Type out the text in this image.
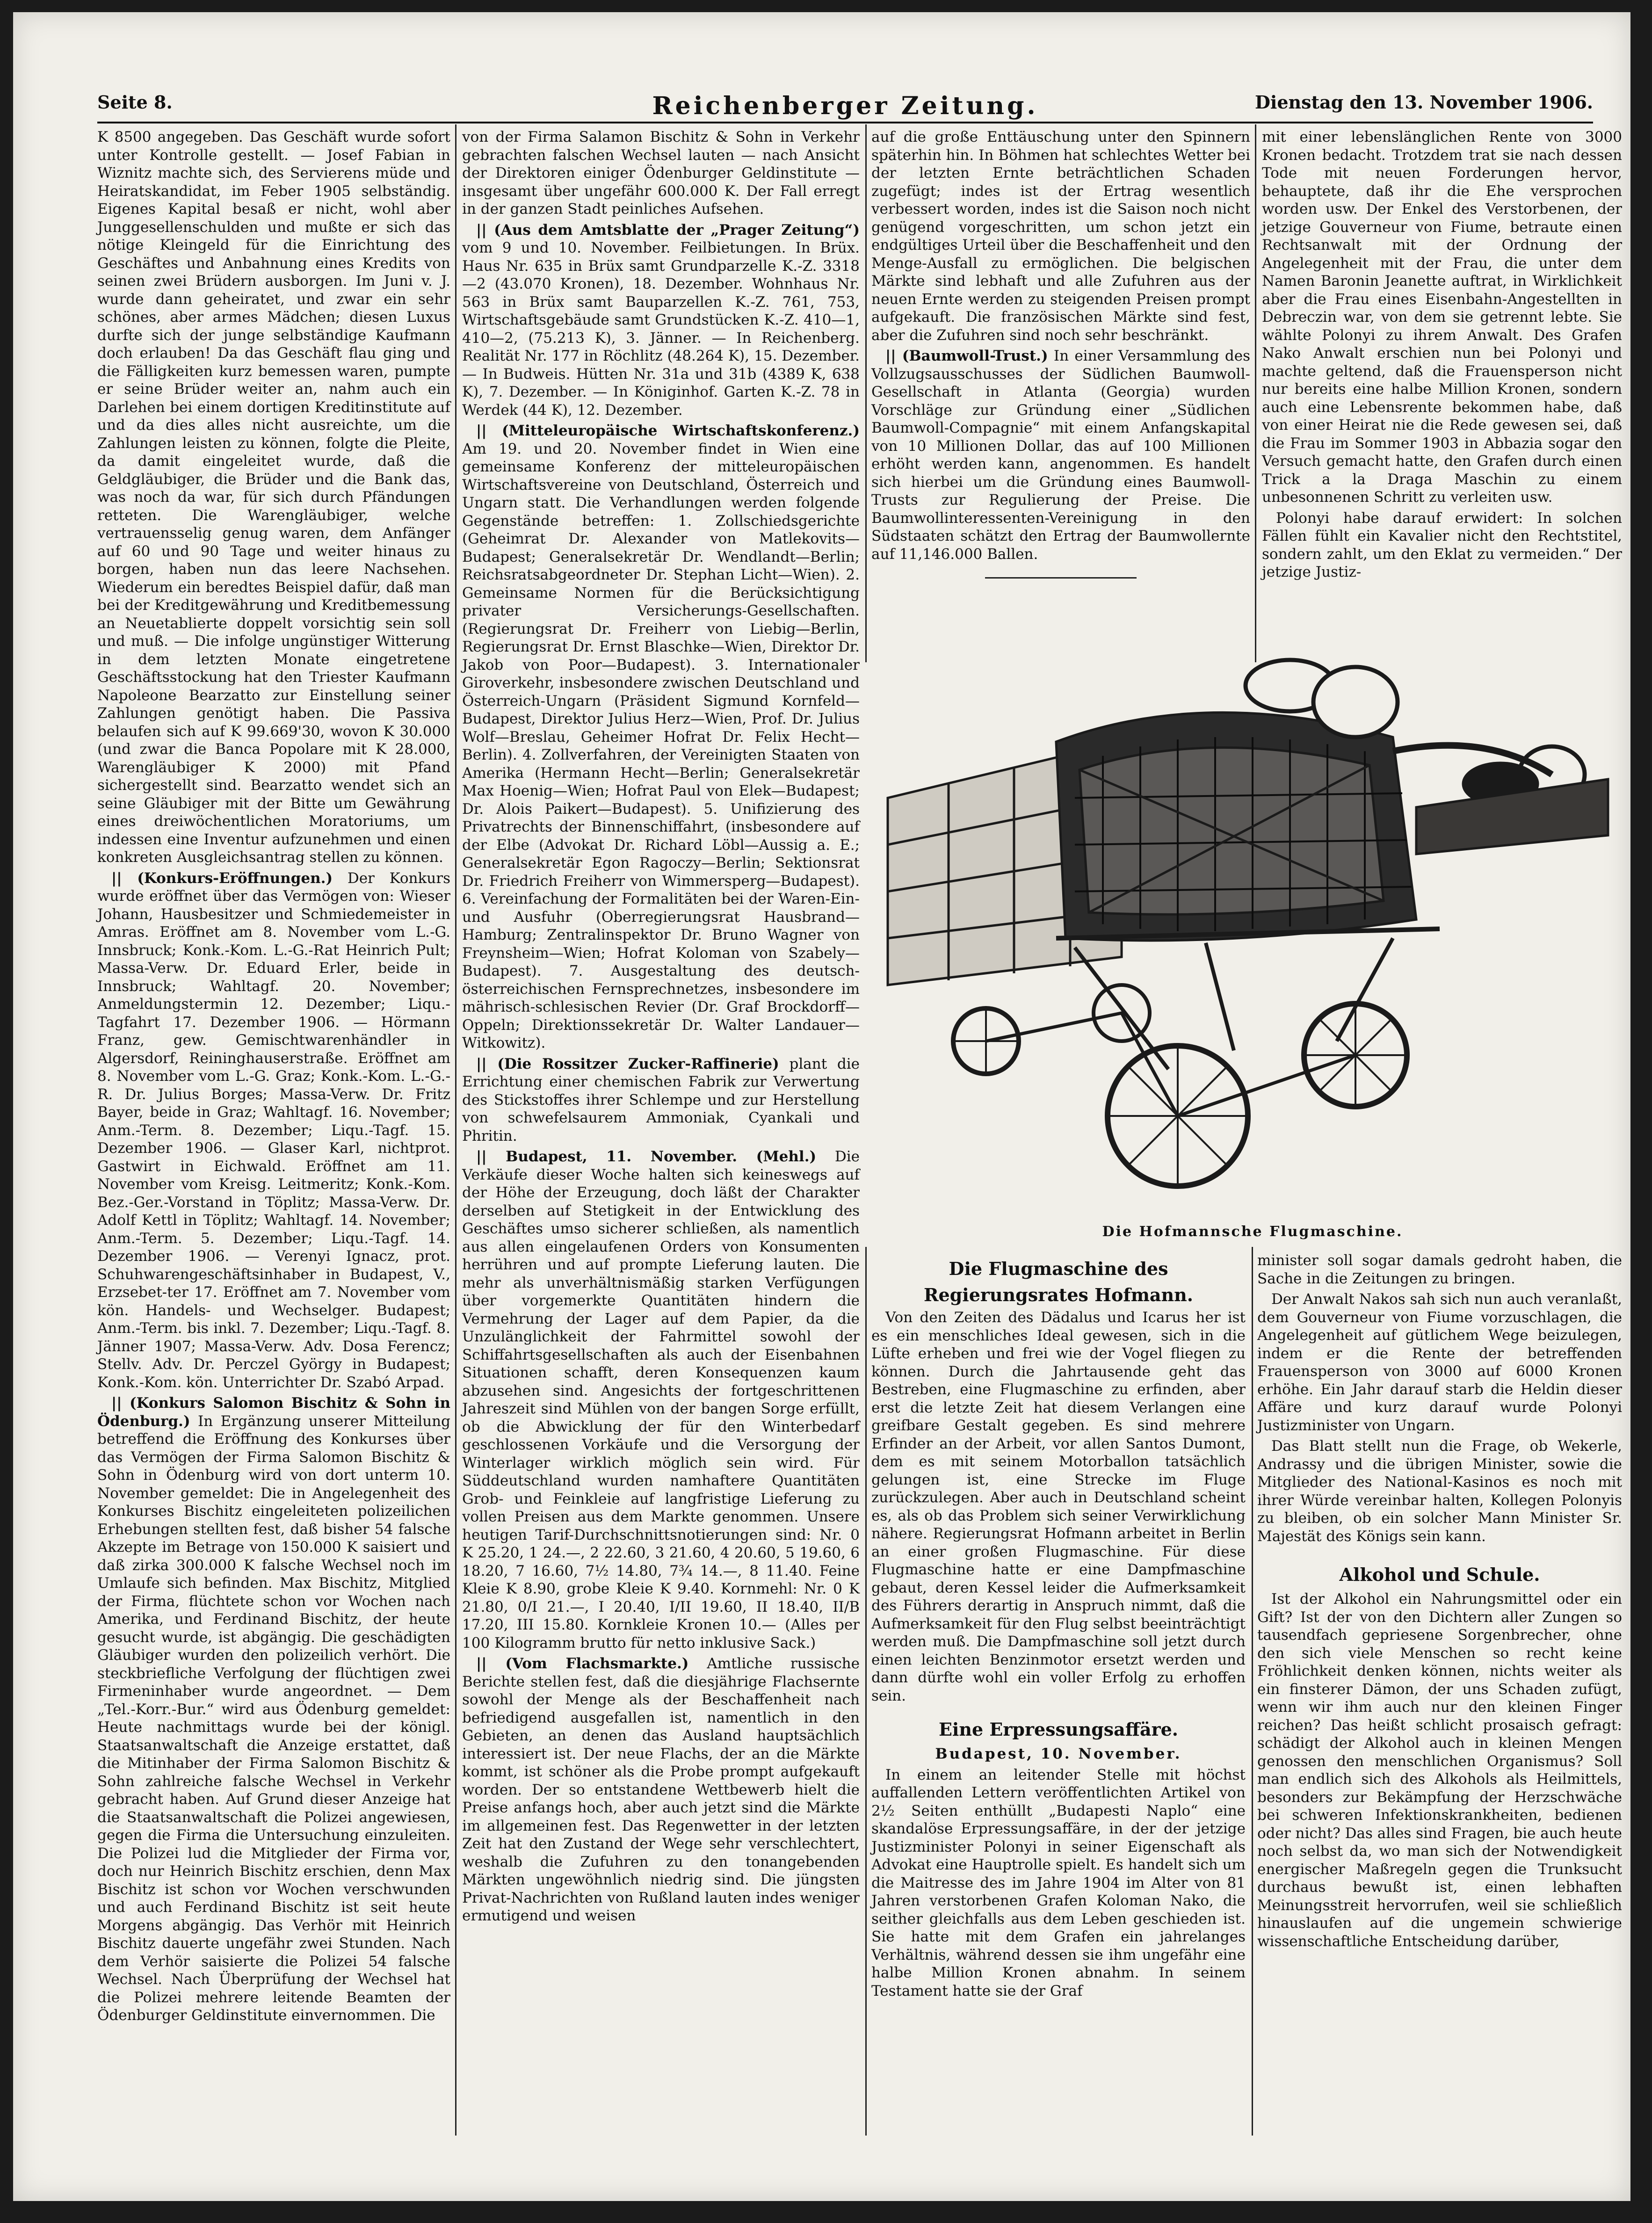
Seite 8.	Reichenberger Zeitung.	Dienstag den 13. November 1906.

K 8500 angegeben. Das Geschäft wurde sofort unter Kontrolle gestellt. — Josef Fabian in Wiznitz machte sich, des Servierens müde und Heiratskandidat, im Feber 1905 selbständig. Eigenes Kapital besaß er nicht, wohl aber Junggesellenschulden und mußte er sich das nötige Kleingeld für die Einrichtung des Geschäftes und Anbahnung eines Kredits von seinen zwei Brüdern ausborgen. Im Juni v. J. wurde dann geheiratet, und zwar ein sehr schönes, aber armes Mädchen; diesen Luxus durfte sich der junge selbständige Kaufmann doch erlauben! Da das Geschäft flau ging und die Fälligkeiten kurz bemessen waren, pumpte er seine Brüder weiter an, nahm auch ein Darlehen bei einem dortigen Kreditinstitute auf und da dies alles nicht ausreichte, um die Zahlungen leisten zu können, folgte die Pleite, da damit eingeleitet wurde, daß die Geldgläubiger, die Brüder und die Bank das, was noch da war, für sich durch Pfändungen retteten. Die Warengläubiger, welche vertrauensselig genug waren, dem Anfänger auf 60 und 90 Tage und weiter hinaus zu borgen, haben nun das leere Nachsehen. Wiederum ein beredtes Beispiel dafür, daß man bei der Kreditgewährung und Kreditbemessung an Neuetablierte doppelt vorsichtig sein soll und muß. — Die infolge ungünstiger Witterung in dem letzten Monate eingetretene Geschäftsstockung hat den Triester Kaufmann Napoleone Bearzatto zur Einstellung seiner Zahlungen genötigt haben. Die Passiva belaufen sich auf K 99.669'30, wovon K 30.000 (und zwar die Banca Popolare mit K 28.000, Warengläubiger K 2000) mit Pfand sichergestellt sind. Bearzatto wendet sich an seine Gläubiger mit der Bitte um Gewährung eines dreiwöchentlichen Moratoriums, um indessen eine Inventur aufzunehmen und einen konkreten Ausgleichsantrag stellen zu können.

|| (Konkurs-Eröffnungen.) Der Konkurs wurde eröffnet über das Vermögen von: Wieser Johann, Hausbesitzer und Schmiedemeister in Amras. Eröffnet am 8. November vom L.-G. Innsbruck; Konk.-Kom. L.-G.-Rat Heinrich Pult; Massa-Verw. Dr. Eduard Erler, beide in Innsbruck; Wahltagf. 20. November; Anmeldungstermin 12. Dezember; Liqu.-Tagfahrt 17. Dezember 1906. — Hörmann Franz, gew. Gemischtwarenhändler in Algersdorf, Reininghauserstraße. Eröffnet am 8. November vom L.-G. Graz; Konk.-Kom. L.-G.-R. Dr. Julius Borges; Massa-Verw. Dr. Fritz Bayer, beide in Graz; Wahltagf. 16. November; Anm.-Term. 8. Dezember; Liqu.-Tagf. 15. Dezember 1906. — Glaser Karl, nichtprot. Gastwirt in Eichwald. Eröffnet am 11. November vom Kreisg. Leitmeritz; Konk.-Kom. Bez.-Ger.-Vorstand in Töplitz; Massa-Verw. Dr. Adolf Kettl in Töplitz; Wahltagf. 14. November; Anm.-Term. 5. Dezember; Liqu.-Tagf. 14. Dezember 1906. — Verenyi Ignacz, prot. Schuhwarengeschäftsinhaber in Budapest, V., Erzsebet-ter 17. Eröffnet am 7. November vom kön. Handels- und Wechselger. Budapest; Anm.-Term. bis inkl. 7. Dezember; Liqu.-Tagf. 8. Jänner 1907; Massa-Verw. Adv. Dosa Ferencz; Stellv. Adv. Dr. Perczel György in Budapest; Konk.-Kom. kön. Unterrichter Dr. Szabó Arpad.

|| (Konkurs Salomon Bischitz & Sohn in Ödenburg.) In Ergänzung unserer Mitteilung betreffend die Eröffnung des Konkurses über das Vermögen der Firma Salomon Bischitz & Sohn in Ödenburg wird von dort unterm 10. November gemeldet: Die in Angelegenheit des Konkurses Bischitz eingeleiteten polizeilichen Erhebungen stellten fest, daß bisher 54 falsche Akzepte im Betrage von 150.000 K saisiert und daß zirka 300.000 K falsche Wechsel noch im Umlaufe sich befinden. Max Bischitz, Mitglied der Firma, flüchtete schon vor Wochen nach Amerika, und Ferdinand Bischitz, der heute gesucht wurde, ist abgängig. Die geschädigten Gläubiger wurden den polizeilich verhört. Die steckbriefliche Verfolgung der flüchtigen zwei Firmeninhaber wurde angeordnet. — Dem „Tel.-Korr.-Bur.“ wird aus Ödenburg gemeldet: Heute nachmittags wurde bei der königl. Staatsanwaltschaft die Anzeige erstattet, daß die Mitinhaber der Firma Salomon Bischitz & Sohn zahlreiche falsche Wechsel in Verkehr gebracht haben. Auf Grund dieser Anzeige hat die Staatsanwaltschaft die Polizei angewiesen, gegen die Firma die Untersuchung einzuleiten. Die Polizei lud die Mitglieder der Firma vor, doch nur Heinrich Bischitz erschien, denn Max Bischitz ist schon vor Wochen verschwunden und auch Ferdinand Bischitz ist seit heute Morgens abgängig. Das Verhör mit Heinrich Bischitz dauerte ungefähr zwei Stunden. Nach dem Verhör saisierte die Polizei 54 falsche Wechsel. Nach Überprüfung der Wechsel hat die Polizei mehrere leitende Beamten der Ödenburger Geldinstitute einvernommen. Die

von der Firma Salamon Bischitz & Sohn in Verkehr gebrachten falschen Wechsel lauten — nach Ansicht der Direktoren einiger Ödenburger Geldinstitute — insgesamt über ungefähr 600.000 K. Der Fall erregt in der ganzen Stadt peinliches Aufsehen.

|| (Aus dem Amtsblatte der „Prager Zeitung“) vom 9 und 10. November. Feilbietungen. In Brüx. Haus Nr. 635 in Brüx samt Grundparzelle K.-Z. 3318—2 (43.070 Kronen), 18. Dezember. Wohnhaus Nr. 563 in Brüx samt Bauparzellen K.-Z. 761, 753, Wirtschaftsgebäude samt Grundstücken K.-Z. 410—1, 410—2, (75.213 K), 3. Jänner. — In Reichenberg. Realität Nr. 177 in Röchlitz (48.264 K), 15. Dezember. — In Budweis. Hütten Nr. 31a und 31b (4389 K, 638 K), 7. Dezember. — In Königinhof. Garten K.-Z. 78 in Werdek (44 K), 12. Dezember.

|| (Mitteleuropäische Wirtschaftskonferenz.) Am 19. und 20. November findet in Wien eine gemeinsame Konferenz der mitteleuropäischen Wirtschaftsvereine von Deutschland, Österreich und Ungarn statt. Die Verhandlungen werden folgende Gegenstände betreffen: 1. Zollschiedsgerichte (Geheimrat Dr. Alexander von Matlekovits—Budapest; Generalsekretär Dr. Wendlandt—Berlin; Reichsratsabgeordneter Dr. Stephan Licht—Wien). 2. Gemeinsame Normen für die Berücksichtigung privater Versicherungs-Gesellschaften. (Regierungsrat Dr. Freiherr von Liebig—Berlin, Regierungsrat Dr. Ernst Blaschke—Wien, Direktor Dr. Jakob von Poor—Budapest). 3. Internationaler Giroverkehr, insbesondere zwischen Deutschland und Österreich-Ungarn (Präsident Sigmund Kornfeld—Budapest, Direktor Julius Herz—Wien, Prof. Dr. Julius Wolf—Breslau, Geheimer Hofrat Dr. Felix Hecht—Berlin). 4. Zollverfahren, der Vereinigten Staaten von Amerika (Hermann Hecht—Berlin; Generalsekretär Max Hoenig—Wien; Hofrat Paul von Elek—Budapest; Dr. Alois Paikert—Budapest). 5. Unifizierung des Privatrechts der Binnenschiffahrt, (insbesondere auf der Elbe (Advokat Dr. Richard Löbl—Aussig a. E.; Generalsekretär Egon Ragoczy—Berlin; Sektionsrat Dr. Friedrich Freiherr von Wimmersperg—Budapest). 6. Vereinfachung der Formalitäten bei der Waren-Ein- und Ausfuhr (Oberregierungsrat Hausbrand—Hamburg; Zentralinspektor Dr. Bruno Wagner von Freynsheim—Wien; Hofrat Koloman von Szabely—Budapest). 7. Ausgestaltung des deutsch-österreichischen Fernsprechnetzes, insbesondere im mährisch-schlesischen Revier (Dr. Graf Brockdorff—Oppeln; Direktionssekretär Dr. Walter Landauer—Witkowitz).

|| (Die Rossitzer Zucker-Raffinerie) plant die Errichtung einer chemischen Fabrik zur Verwertung des Stickstoffes ihrer Schlempe und zur Herstellung von schwefelsaurem Ammoniak, Cyankali und Phritin.

|| Budapest, 11. November. (Mehl.) Die Verkäufe dieser Woche halten sich keineswegs auf der Höhe der Erzeugung, doch läßt der Charakter derselben auf Stetigkeit in der Entwicklung des Geschäftes umso sicherer schließen, als namentlich aus allen eingelaufenen Orders von Konsumenten herrühren und auf prompte Lieferung lauten. Die mehr als unverhältnismäßig starken Verfügungen über vorgemerkte Quantitäten hindern die Vermehrung der Lager auf dem Papier, da die Unzulänglichkeit der Fahrmittel sowohl der Schiffahrtsgesellschaften als auch der Eisenbahnen Situationen schafft, deren Konsequenzen kaum abzusehen sind. Angesichts der fortgeschrittenen Jahreszeit sind Mühlen von der bangen Sorge erfüllt, ob die Abwicklung der für den Winterbedarf geschlossenen Vorkäufe und die Versorgung der Winterlager wirklich möglich sein wird. Für Süddeutschland wurden namhaftere Quantitäten Grob- und Feinkleie auf langfristige Lieferung zu vollen Preisen aus dem Markte genommen. Unsere heutigen Tarif-Durchschnittsnotierungen sind: Nr. 0 K 25.20, 1 24.—, 2 22.60, 3 21.60, 4 20.60, 5 19.60, 6 18.20, 7 16.60, 7½ 14.80, 7¾ 14.—, 8 11.40. Feine Kleie K 8.90, grobe Kleie K 9.40. Kornmehl: Nr. 0 K 21.80, 0/I 21.—, I 20.40, I/II 19.60, II 18.40, II/B 17.20, III 15.80. Kornkleie Kronen 10.— (Alles per 100 Kilogramm brutto für netto inklusive Sack.)

|| (Vom Flachsmarkte.) Amtliche russische Berichte stellen fest, daß die diesjährige Flachsernte sowohl der Menge als der Beschaffenheit nach befriedigend ausgefallen ist, namentlich in den Gebieten, an denen das Ausland hauptsächlich interessiert ist. Der neue Flachs, der an die Märkte kommt, ist schöner als die Probe prompt aufgekauft worden. Der so entstandene Wettbewerb hielt die Preise anfangs hoch, aber auch jetzt sind die Märkte im allgemeinen fest. Das Regenwetter in der letzten Zeit hat den Zustand der Wege sehr verschlechtert, weshalb die Zufuhren zu den tonangebenden Märkten ungewöhnlich niedrig sind. Die jüngsten Privat-Nachrichten von Rußland lauten indes weniger ermutigend und weisen

auf die große Enttäuschung unter den Spinnern späterhin hin. In Böhmen hat schlechtes Wetter bei der letzten Ernte beträchtlichen Schaden zugefügt; indes ist der Ertrag wesentlich verbessert worden, indes ist die Saison noch nicht genügend vorgeschritten, um schon jetzt ein endgültiges Urteil über die Beschaffenheit und den Menge-Ausfall zu ermöglichen. Die belgischen Märkte sind lebhaft und alle Zufuhren aus der neuen Ernte werden zu steigenden Preisen prompt aufgekauft. Die französischen Märkte sind fest, aber die Zufuhren sind noch sehr beschränkt.

|| (Baumwoll-Trust.) In einer Versammlung des Vollzugsausschusses der Südlichen Baumwoll-Gesellschaft in Atlanta (Georgia) wurden Vorschläge zur Gründung einer „Südlichen Baumwoll-Compagnie“ mit einem Anfangskapital von 10 Millionen Dollar, das auf 100 Millionen erhöht werden kann, angenommen. Es handelt sich hierbei um die Gründung eines Baumwoll-Trusts zur Regulierung der Preise. Die Baumwollinteressenten-Vereinigung in den Südstaaten schätzt den Ertrag der Baumwollernte auf 11,146.000 Ballen.

mit einer lebenslänglichen Rente von 3000 Kronen bedacht. Trotzdem trat sie nach dessen Tode mit neuen Forderungen hervor, behauptete, daß ihr die Ehe versprochen worden usw. Der Enkel des Verstorbenen, der jetzige Gouverneur von Fiume, betraute einen Rechtsanwalt mit der Ordnung der Angelegenheit mit der Frau, die unter dem Namen Baronin Jeanette auftrat, in Wirklichkeit aber die Frau eines Eisenbahn-Angestellten in Debreczin war, von dem sie getrennt lebte. Sie wählte Polonyi zu ihrem Anwalt. Des Grafen Nako Anwalt erschien nun bei Polonyi und machte geltend, daß die Frauensperson nicht nur bereits eine halbe Million Kronen, sondern auch eine Lebensrente bekommen habe, daß von einer Heirat nie die Rede gewesen sei, daß die Frau im Sommer 1903 in Abbazia sogar den Versuch gemacht hatte, den Grafen durch einen Trick a la Draga Maschin zu einem unbesonnenen Schritt zu verleiten usw.

Polonyi habe darauf erwidert: In solchen Fällen fühlt ein Kavalier nicht den Rechtstitel, sondern zahlt, um den Eklat zu vermeiden.“ Der jetzige Justiz-

Die Hofmannsche Flugmaschine.
Die Flugmaschine des
Regierungsrates Hofmann.

Von den Zeiten des Dädalus und Icarus her ist es ein menschliches Ideal gewesen, sich in die Lüfte erheben und frei wie der Vogel fliegen zu können. Durch die Jahrtausende geht das Bestreben, eine Flugmaschine zu erfinden, aber erst die letzte Zeit hat diesem Verlangen eine greifbare Gestalt gegeben. Es sind mehrere Erfinder an der Arbeit, vor allen Santos Dumont, dem es mit seinem Motorballon tatsächlich gelungen ist, eine Strecke im Fluge zurückzulegen. Aber auch in Deutschland scheint es, als ob das Problem sich seiner Verwirklichung nähere. Regierungsrat Hofmann arbeitet in Berlin an einer großen Flugmaschine. Für diese Flugmaschine hatte er eine Dampfmaschine gebaut, deren Kessel leider die Aufmerksamkeit des Führers derartig in Anspruch nimmt, daß die Aufmerksamkeit für den Flug selbst beeinträchtigt werden muß. Die Dampfmaschine soll jetzt durch einen leichten Benzinmotor ersetzt werden und dann dürfte wohl ein voller Erfolg zu erhoffen sein.

Eine Erpressungsaffäre.
Budapest, 10. November.

In einem an leitender Stelle mit höchst auffallenden Lettern veröffentlichten Artikel von 2½ Seiten enthüllt „Budapesti Naplo“ eine skandalöse Erpressungsaffäre, in der der jetzige Justizminister Polonyi in seiner Eigenschaft als Advokat eine Hauptrolle spielt. Es handelt sich um die Maitresse des im Jahre 1904 im Alter von 81 Jahren verstorbenen Grafen Koloman Nako, die seither gleichfalls aus dem Leben geschieden ist. Sie hatte mit dem Grafen ein jahrelanges Verhältnis, während dessen sie ihm ungefähr eine halbe Million Kronen abnahm. In seinem Testament hatte sie der Graf

minister soll sogar damals gedroht haben, die Sache in die Zeitungen zu bringen.

Der Anwalt Nakos sah sich nun auch veranlaßt, dem Gouverneur von Fiume vorzuschlagen, die Angelegenheit auf gütlichem Wege beizulegen, indem er die Rente der betreffenden Frauensperson von 3000 auf 6000 Kronen erhöhe. Ein Jahr darauf starb die Heldin dieser Affäre und kurz darauf wurde Polonyi Justizminister von Ungarn.

Das Blatt stellt nun die Frage, ob Wekerle, Andrassy und die übrigen Minister, sowie die Mitglieder des National-Kasinos es noch mit ihrer Würde vereinbar halten, Kollegen Polonyis zu bleiben, ob ein solcher Mann Minister Sr. Majestät des Königs sein kann.

Alkohol und Schule.

Ist der Alkohol ein Nahrungsmittel oder ein Gift? Ist der von den Dichtern aller Zungen so tausendfach gepriesene Sorgenbrecher, ohne den sich viele Menschen so recht keine Fröhlichkeit denken können, nichts weiter als ein finsterer Dämon, der uns Schaden zufügt, wenn wir ihm auch nur den kleinen Finger reichen? Das heißt schlicht prosaisch gefragt: schädigt der Alkohol auch in kleinen Mengen genossen den menschlichen Organismus? Soll man endlich sich des Alkohols als Heilmittels, besonders zur Bekämpfung der Herzschwäche bei schweren Infektionskrankheiten, bedienen oder nicht? Das alles sind Fragen, bie auch heute noch selbst da, wo man sich der Notwendigkeit energischer Maßregeln gegen die Trunksucht durchaus bewußt ist, einen lebhaften Meinungsstreit hervorrufen, weil sie schließlich hinauslaufen auf die ungemein schwierige wissenschaftliche Entscheidung darüber,
